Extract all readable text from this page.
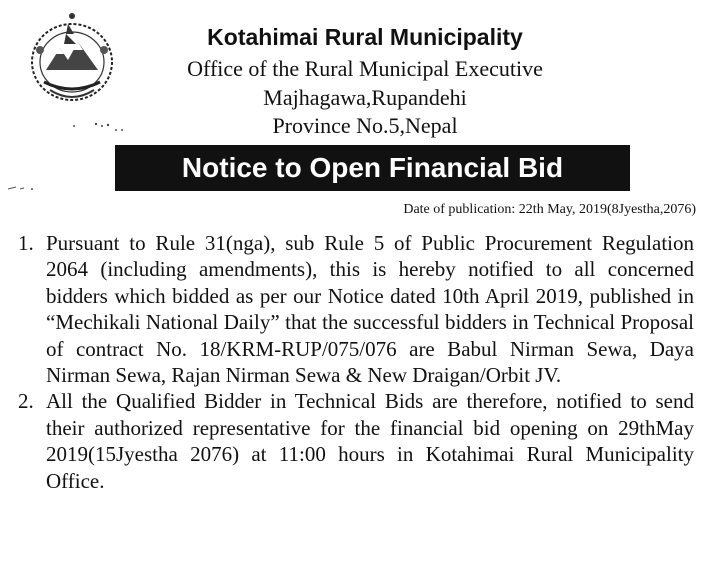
Kotahimai Rural Municipality
Office of the Rural Municipal Executive
Majhagawa,Rupandehi
Province No.5,Nepal
Notice to Open Financial Bid
Date of publication: 22th May, 2019(8Jyestha,2076)
1. Pursuant to Rule 31(nga), sub Rule 5 of Public Procurement Regulation 2064 (including amendments), this is hereby notified to all concerned bidders which bidded as per our Notice dated 10th April 2019, published in “Mechikali National Daily” that the successful bidders in Technical Proposal of contract No. 18/KRM-RUP/075/076 are Babul Nirman Sewa, Daya Nirman Sewa, Rajan Nirman Sewa & New Draigan/Orbit JV.
2. All the Qualified Bidder in Technical Bids are therefore, notified to send their authorized representative for the financial bid opening on 29thMay 2019(15Jyestha 2076) at 11:00 hours in Kotahimai Rural Municipality Office.
